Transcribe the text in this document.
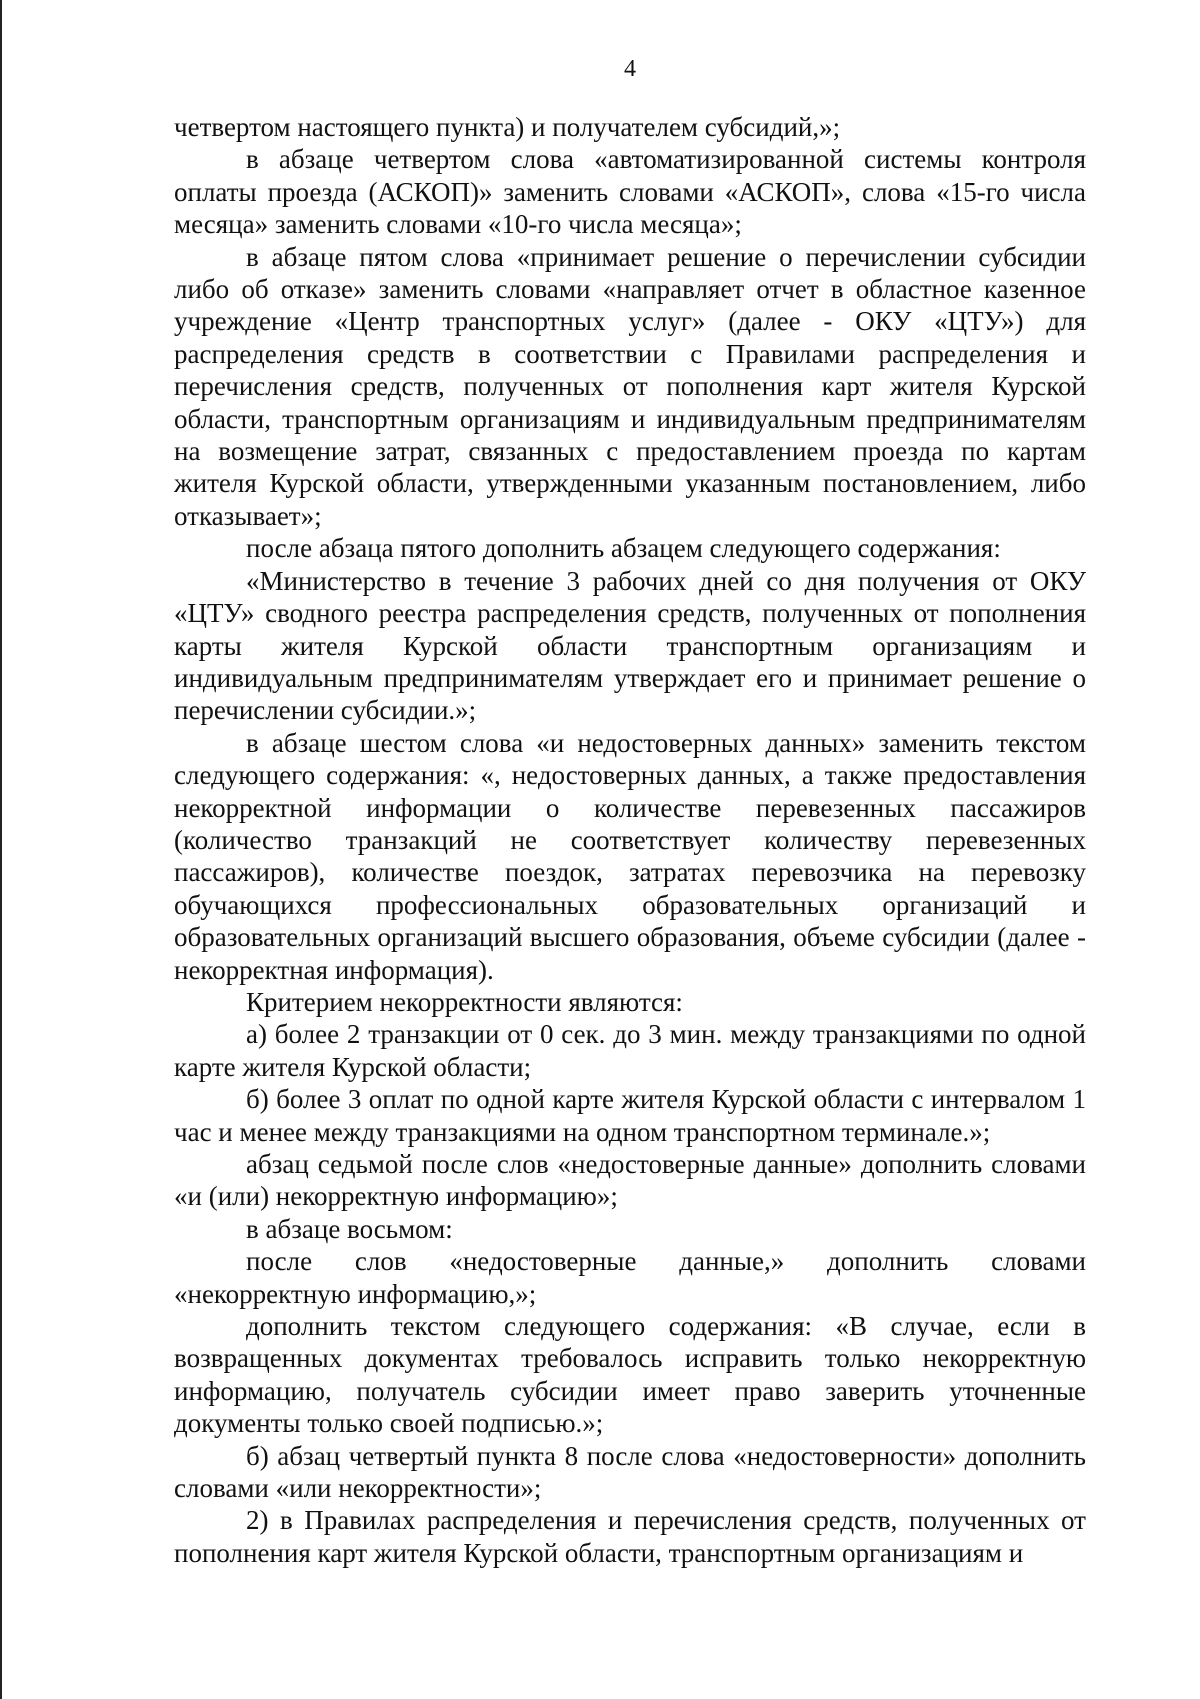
4

четвертом настоящего пункта) и получателем субсидий,»;

в абзаце четвертом слова «автоматизированной системы контроля оплаты проезда (АСКОП)» заменить словами «АСКОП», слова «15-го числа месяца» заменить словами «10-го числа месяца»;

в абзаце пятом слова «принимает решение о перечислении субсидии либо об отказе» заменить словами «направляет отчет в областное казенное учреждение «Центр транспортных услуг» (далее - ОКУ «ЦТУ») для распределения средств в соответствии с Правилами распределения и перечисления средств, полученных от пополнения карт жителя Курской области, транспортным организациям и индивидуальным предпринимателям на возмещение затрат, связанных с предоставлением проезда по картам жителя Курской области, утвержденными указанным постановлением, либо отказывает»;

после абзаца пятого дополнить абзацем следующего содержания:

«Министерство в течение 3 рабочих дней со дня получения от ОКУ «ЦТУ» сводного реестра распределения средств, полученных от пополнения карты жителя Курской области транспортным организациям и индивидуальным предпринимателям утверждает его и принимает решение о перечислении субсидии.»;

в абзаце шестом слова «и недостоверных данных» заменить текстом следующего содержания: «, недостоверных данных, а также предоставления некорректной информации о количестве перевезенных пассажиров (количество транзакций не соответствует количеству перевезенных пассажиров), количестве поездок, затратах перевозчика на перевозку обучающихся профессиональных образовательных организаций и образовательных организаций высшего образования, объеме субсидии (далее - некорректная информация).

Критерием некорректности являются:

а) более 2 транзакции от 0 сек. до 3 мин. между транзакциями по одной карте жителя Курской области;

б) более 3 оплат по одной карте жителя Курской области с интервалом 1 час и менее между транзакциями на одном транспортном терминале.»;

абзац седьмой после слов «недостоверные данные» дополнить словами «и (или) некорректную информацию»;

в абзаце восьмом:

после слов «недостоверные данные,» дополнить словами «некорректную информацию,»;

дополнить текстом следующего содержания: «В случае, если в возвращенных документах требовалось исправить только некорректную информацию, получатель субсидии имеет право заверить уточненные документы только своей подписью.»;

б) абзац четвертый пункта 8 после слова «недостоверности» дополнить словами «или некорректности»;

2) в Правилах распределения и перечисления средств, полученных от пополнения карт жителя Курской области, транспортным организациям и
